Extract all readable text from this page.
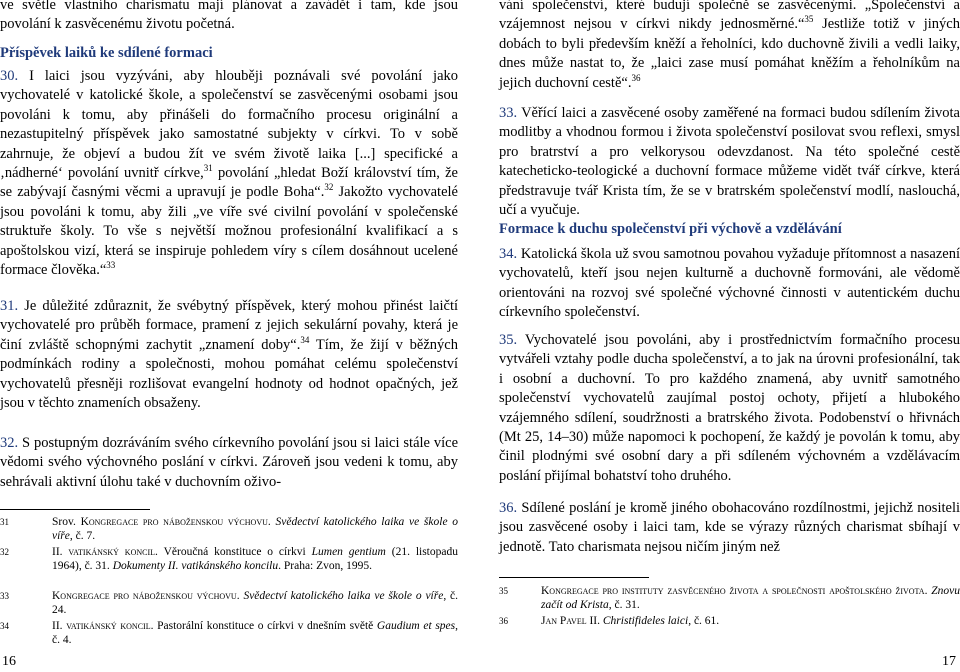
ve světle vlastního charismatu mají plánovat a zavádět i tam, kde jsou povolání k zasvěcenému životu početná.

Příspěvek laiků ke sdílené formaci

30. I laici jsou vyzýváni, aby hlouběji poznávali své povolání jako vychovatelé v katolické škole, a společenství se zasvěcenými osobami jsou povoláni k tomu, aby přinášeli do formačního procesu originální a nezastupitelný příspěvek jako samostatné subjekty v církvi. To v sobě zahrnuje, že objeví a budou žít ve svém životě laika [...] specifické a ‚nádherné‘ povolání uvnitř církve,$^{31}$ povolání „hledat Boží království tím, že se zabývají časnými věcmi a upravují je podle Boha“.$^{32}$ Jakožto vychovatelé jsou povoláni k tomu, aby žili „ve víře své civilní povolání v společenské struktuře školy. To vše s největší možnou profesionální kvalifikací a s apoštolskou vizí, která se inspiruje pohledem víry s cílem dosáhnout ucelené formace člověka.“$^{33}$

31. Je důležité zdůraznit, že svébytný příspěvek, který mohou přinést laičtí vychovatelé pro průběh formace, pramení z jejich sekulární povahy, která je činí zvláště schopnými zachytit „znamení doby“.$^{34}$ Tím, že žijí v běžných podmínkách rodiny a společnosti, mohou pomáhat celému společenství vychovatelů přesněji rozlišovat evangelní hodnoty od hodnot opačných, jež jsou v těchto znameních obsaženy.

32. S postupným dozráváním svého církevního povolání jsou si laici stále více vědomi svého výchovného poslání v církvi. Zároveň jsou vedeni k tomu, aby sehrávali aktivní úlohu také v duchovním oživo-

31	Srov. Kongregace pro náboženskou výchovu. Svědectví katolického laika ve škole o víře, č. 7.
32	II. vatikánský koncil. Věroučná konstituce o církvi Lumen gentium (21. listopadu 1964), č. 31. Dokumenty II. vatikánského koncilu. Praha: Zvon, 1995.
33	Kongregace pro náboženskou výchovu. Svědectví katolického laika ve škole o víře, č. 24.
34	II. vatikánský koncil. Pastorální konstituce o církvi v dnešním světě Gaudium et spes, č. 4.

vání společenství, které budují společně se zasvěcenými. „Společenství a vzájemnost nejsou v církvi nikdy jednosměrné.“$^{35}$ Jestliže totiž v jiných dobách to byli především kněží a řeholníci, kdo duchovně živili a vedli laiky, dnes může nastat to, že „laici zase musí pomáhat kněžím a řeholníkům na jejich duchovní cestě“.$^{36}$

33. Věřící laici a zasvěcené osoby zaměřené na formaci budou sdílením života modlitby a vhodnou formou i života společenství posilovat svou reflexi, smysl pro bratrství a pro velkorysou odevzdanost. Na této společné cestě katecheticko-teologické a duchovní formace můžeme vidět tvář církve, která předstravuje tvář Krista tím, že se v bratrském společenství modlí, naslouchá, učí a vyučuje.

Formace k duchu společenství při výchově a vzdělávání

34. Katolická škola už svou samotnou povahou vyžaduje přítomnost a nasazení vychovatelů, kteří jsou nejen kulturně a duchovně formováni, ale vědomě orientováni na rozvoj své společné výchovné činnosti v autentickém duchu církevního společenství.

35. Vychovatelé jsou povoláni, aby i prostřednictvím formačního procesu vytvářeli vztahy podle ducha společenství, a to jak na úrovni profesionální, tak i osobní a duchovní. To pro každého znamená, aby uvnitř samotného společenství vychovatelů zaujímal postoj ochoty, přijetí a hlubokého vzájemného sdílení, soudržnosti a bratrského života. Podobenství o hřivnách (Mt 25, 14–30) může napomoci k pochopení, že každý je povolán k tomu, aby činil plodnými své osobní dary a při sdíleném výchovném a vzdělávacím poslání přijímal bohatství toho druhého.

36. Sdílené poslání je kromě jiného obohacováno rozdílnostmi, jejichž nositeli jsou zasvěcené osoby i laici tam, kde se výrazy různých charismat sbíhají v jednotě. Tato charismata nejsou ničím jiným než

35	Kongregace pro instituty zasvěceného života a společnosti apoštolského života. Znovu začít od Krista, č. 31.
36	Jan Pavel II. Christifideles laici, č. 61.
16	17
